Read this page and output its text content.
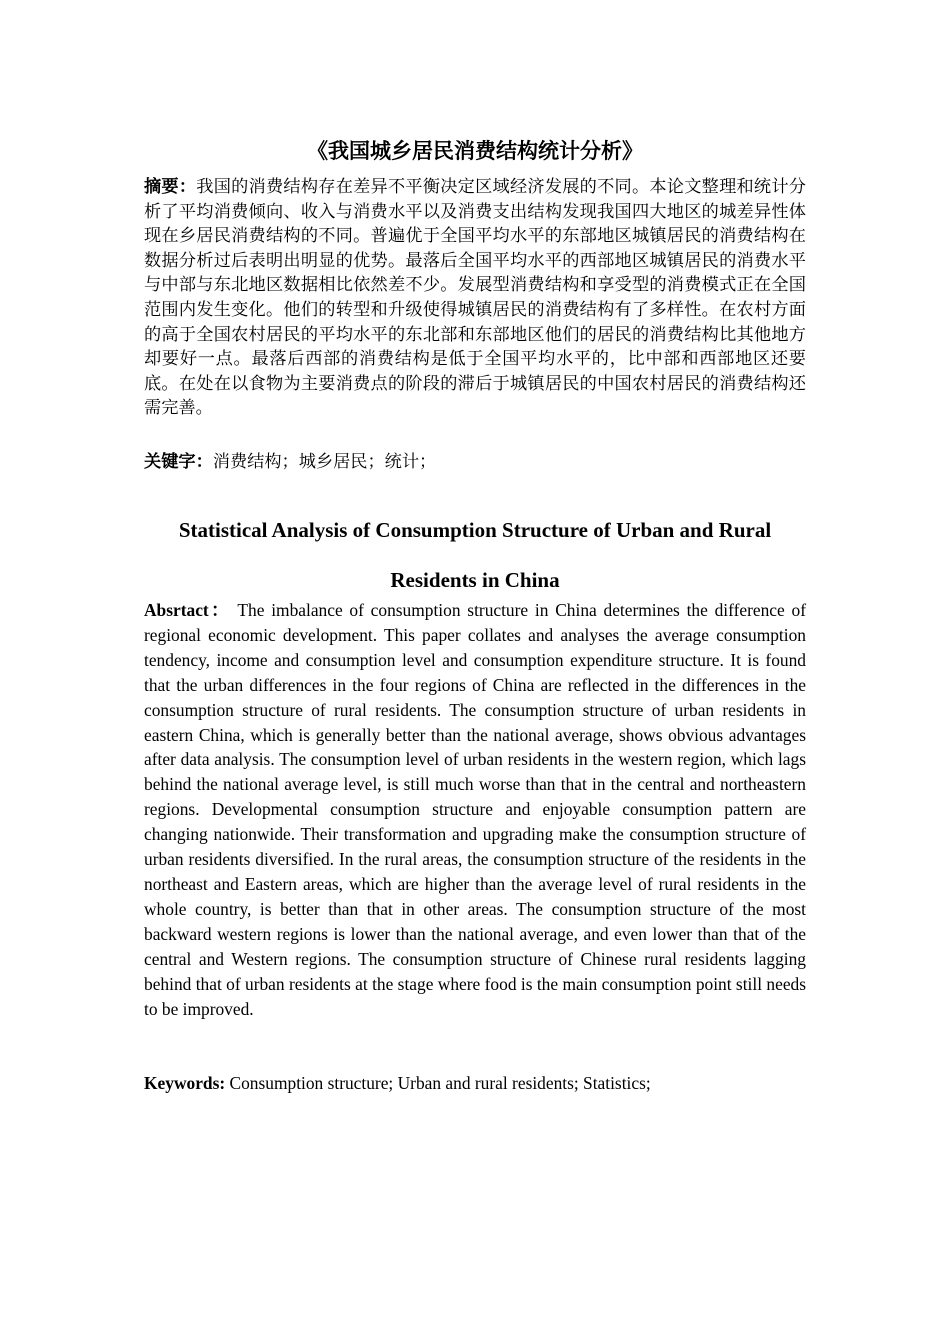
《我国城乡居民消费结构统计分析》
摘要：我国的消费结构存在差异不平衡决定区域经济发展的不同。本论文整理和统计分析了平均消费倾向、收入与消费水平以及消费支出结构发现我国四大地区的城差异性体现在乡居民消费结构的不同。普遍优于全国平均水平的东部地区城镇居民的消费结构在数据分析过后表明出明显的优势。最落后全国平均水平的西部地区城镇居民的消费水平与中部与东北地区数据相比依然差不少。发展型消费结构和享受型的消费模式正在全国范围内发生变化。他们的转型和升级使得城镇居民的消费结构有了多样性。在农村方面的高于全国农村居民的平均水平的东北部和东部地区他们的居民的消费结构比其他地方却要好一点。最落后西部的消费结构是低于全国平均水平的，比中部和西部地区还要底。在处在以食物为主要消费点的阶段的滞后于城镇居民的中国农村居民的消费结构还需完善。
关键字：消费结构；城乡居民；统计；
Statistical Analysis of Consumption Structure of Urban and Rural Residents in China
Absrtact： The imbalance of consumption structure in China determines the difference of regional economic development. This paper collates and analyses the average consumption tendency, income and consumption level and consumption expenditure structure. It is found that the urban differences in the four regions of China are reflected in the differences in the consumption structure of rural residents. The consumption structure of urban residents in eastern China, which is generally better than the national average, shows obvious advantages after data analysis. The consumption level of urban residents in the western region, which lags behind the national average level, is still much worse than that in the central and northeastern regions. Developmental consumption structure and enjoyable consumption pattern are changing nationwide. Their transformation and upgrading make the consumption structure of urban residents diversified. In the rural areas, the consumption structure of the residents in the northeast and Eastern areas, which are higher than the average level of rural residents in the whole country, is better than that in other areas. The consumption structure of the most backward western regions is lower than the national average, and even lower than that of the central and Western regions. The consumption structure of Chinese rural residents lagging behind that of urban residents at the stage where food is the main consumption point still needs to be improved.
Keywords: Consumption structure; Urban and rural residents; Statistics;
